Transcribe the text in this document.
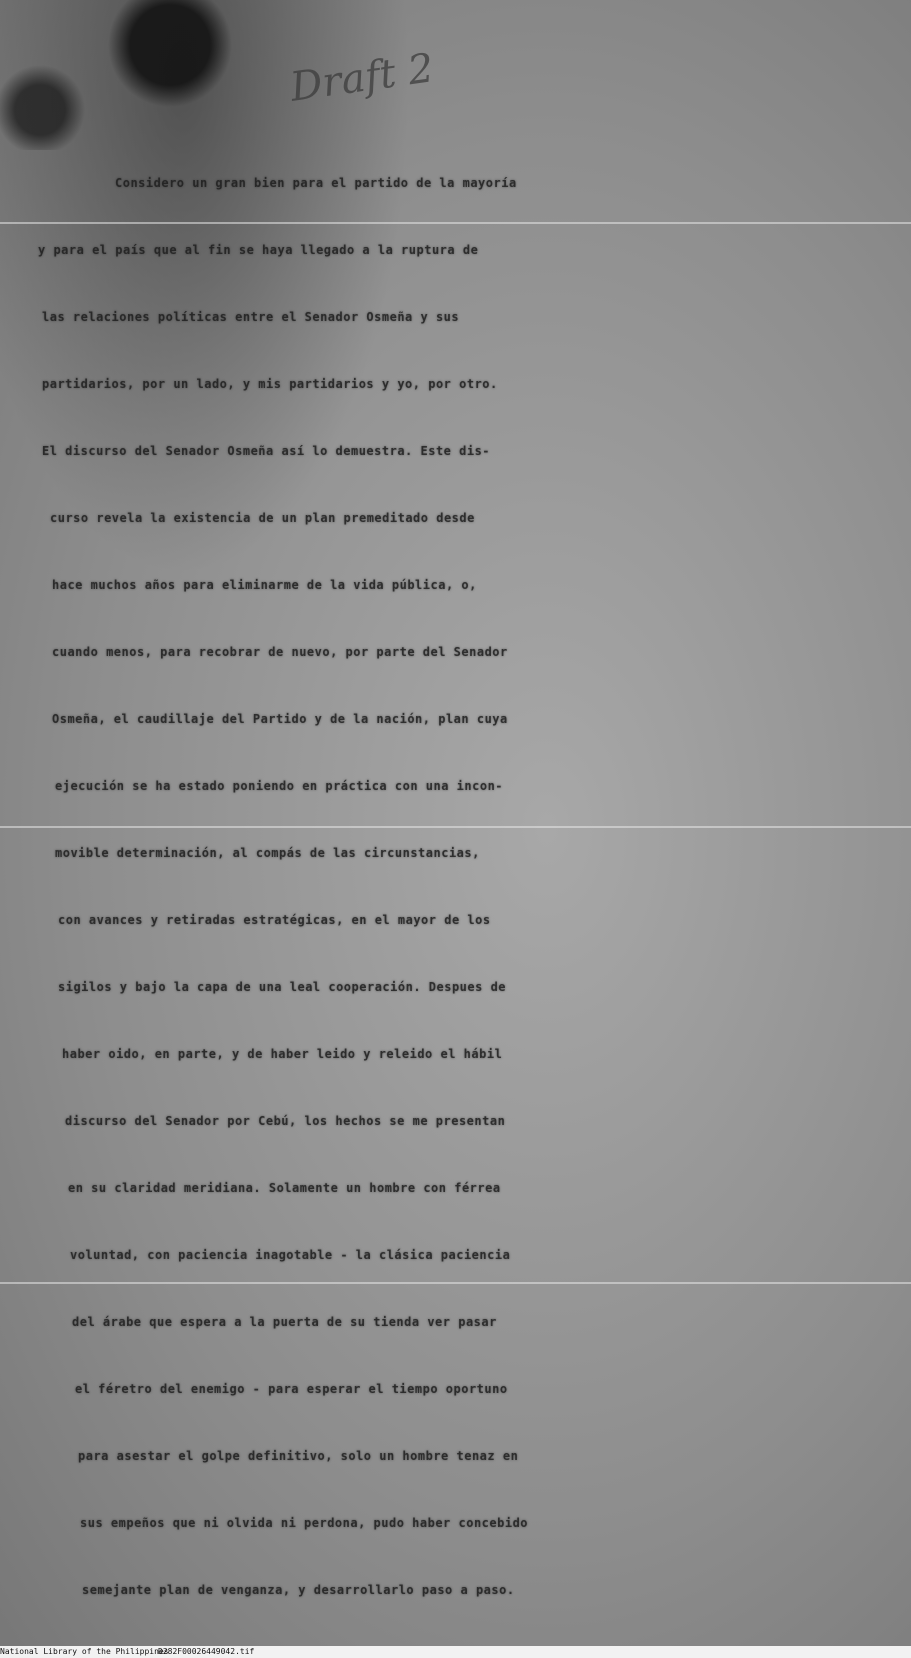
Draft 2

Considero un gran bien para el partido de la mayoría

y para el país que al fin se haya llegado a la ruptura de

las relaciones políticas entre el Senador Osmeña y sus

partidarios, por un lado, y mis partidarios y yo, por otro.

El discurso del Senador Osmeña así lo demuestra. Este dis-

curso revela la existencia de un plan premeditado desde

hace muchos años para eliminarme de la vida pública, o,

cuando menos, para recobrar de nuevo, por parte del Senador

Osmeña, el caudillaje del Partido y de la nación, plan cuya

ejecución se ha estado poniendo en práctica con una incon-

movible determinación, al compás de las circunstancias,

con avances y retiradas estratégicas, en el mayor de los

sigilos y bajo la capa de una leal cooperación. Despues de

haber oido, en parte, y de haber leido y releido el hábil

discurso del Senador por Cebú, los hechos se me presentan

en su claridad meridiana. Solamente un hombre con férrea

voluntad, con paciencia inagotable - la clásica paciencia

del árabe que espera a la puerta de su tienda ver pasar

el féretro del enemigo - para esperar el tiempo oportuno

para asestar el golpe definitivo, solo un hombre tenaz en

sus empeños que ni olvida ni perdona, pudo haber concebido

semejante plan de venganza, y desarrollarlo paso a paso.

National Library of the Philippines
D282F00026449042.tif
